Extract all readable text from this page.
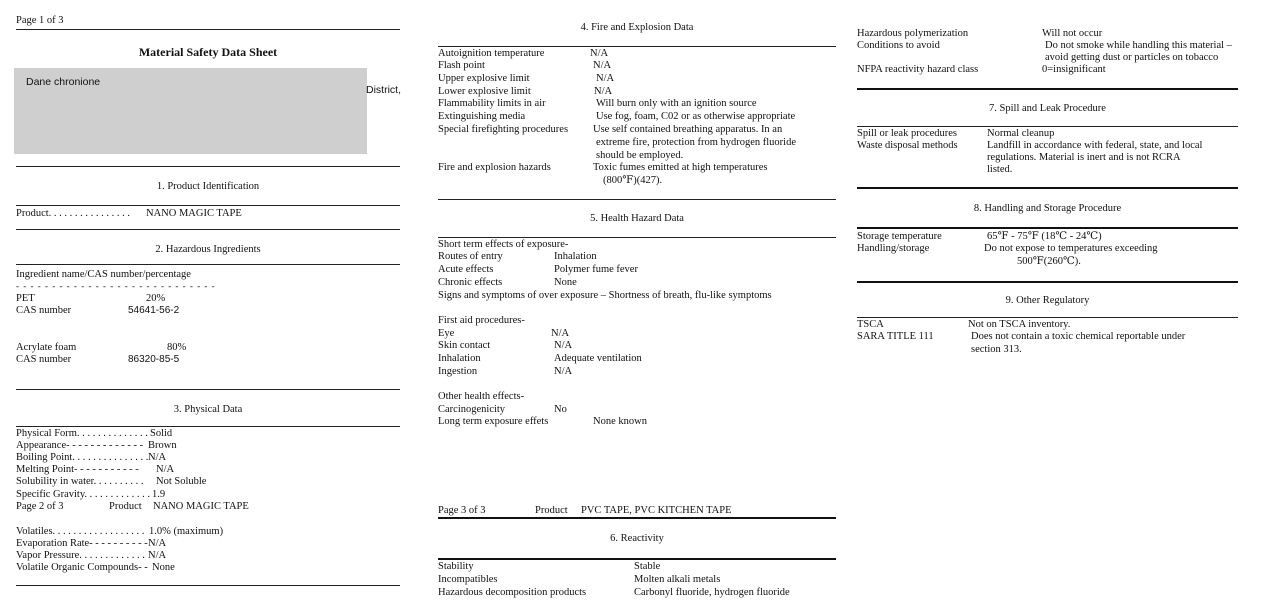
Page 1 of 3
Material Safety Data Sheet
Dane chronione
District,
1. Product Identification
Product. . . . . . . . . . . . . . . . NANO MAGIC TAPE
2. Hazardous Ingredients
Ingredient name/CAS number/percentage
- - - - - - - - - - - - - - - - - - - - - - - - - - - -
PET	20%
CAS number	54641-56-2
Acrylate foam	80%
CAS number	86320-85-5
3. Physical Data
Physical Form. . . . . . . . . . . . . . Solid
Appearance- - - - - - - - - - - - - Brown
Boiling Point. . . . . . . . . . . . . . . N/A
Melting Point- - - - - - - - - - - N/A
Solubility in water. . . . . . . . . . Not Soluble
Specific Gravity. . . . . . . . . . . . . 1.9
Page 2 of 3	Product NANO MAGIC TAPE
Volatiles. . . . . . . . . . . . . . . . . . 1.0% (maximum)
Evaporation Rate- - - - - - - - - - N/A
Vapor Pressure. . . . . . . . . . . . . N/A
Volatile Organic Compounds- - None
4. Fire and Explosion Data
Autoignition temperature	N/A
Flash point	N/A
Upper explosive limit	N/A
Lower explosive limit	N/A
Flammability limits in air	Will burn only with an ignition source
Extinguishing media	Use fog, foam, C02 or as otherwise appropriate
Special firefighting procedures Use self contained breathing apparatus. In an
extreme fire, protection from hydrogen fluoride
should be employed.
Fire and explosion hazards	Toxic fumes emitted at high temperatures
(800℉)(427).
5. Health Hazard Data
Short term effects of exposure-
Routes of entry	Inhalation
Acute effects	Polymer fume fever
Chronic effects	None
Signs and symptoms of over exposure – Shortness of breath, flu-like symptoms
First aid procedures-
Eye	N/A
Skin contact	N/A
Inhalation	Adequate ventilation
Ingestion	N/A
Other health effects-
Carcinogenicity	No
Long term exposure effets	None known
Page 3 of 3	Product PVC TAPE, PVC KITCHEN TAPE
6. Reactivity
Stability	Stable
Incompatibles	Molten alkali metals
Hazardous decomposition products	Carbonyl fluoride, hydrogen fluoride
Hazardous polymerization	Will not occur
Conditions to avoid	Do not smoke while handling this material –
avoid getting dust or particles on tobacco
NFPA reactivity hazard class	0=insignificant
7. Spill and Leak Procedure
Spill or leak procedures	Normal cleanup
Waste disposal methods	Landfill in accordance with federal, state, and local
regulations. Material is inert and is not RCRA
listed.
8. Handling and Storage Procedure
Storage temperature	65℉ - 75℉ (18℃ - 24℃)
Handling/storage	Do not expose to temperatures exceeding
500℉(260℃).
9. Other Regulatory
TSCA	Not on TSCA inventory.
SARA TITLE 111	Does not contain a toxic chemical reportable under
section 313.
